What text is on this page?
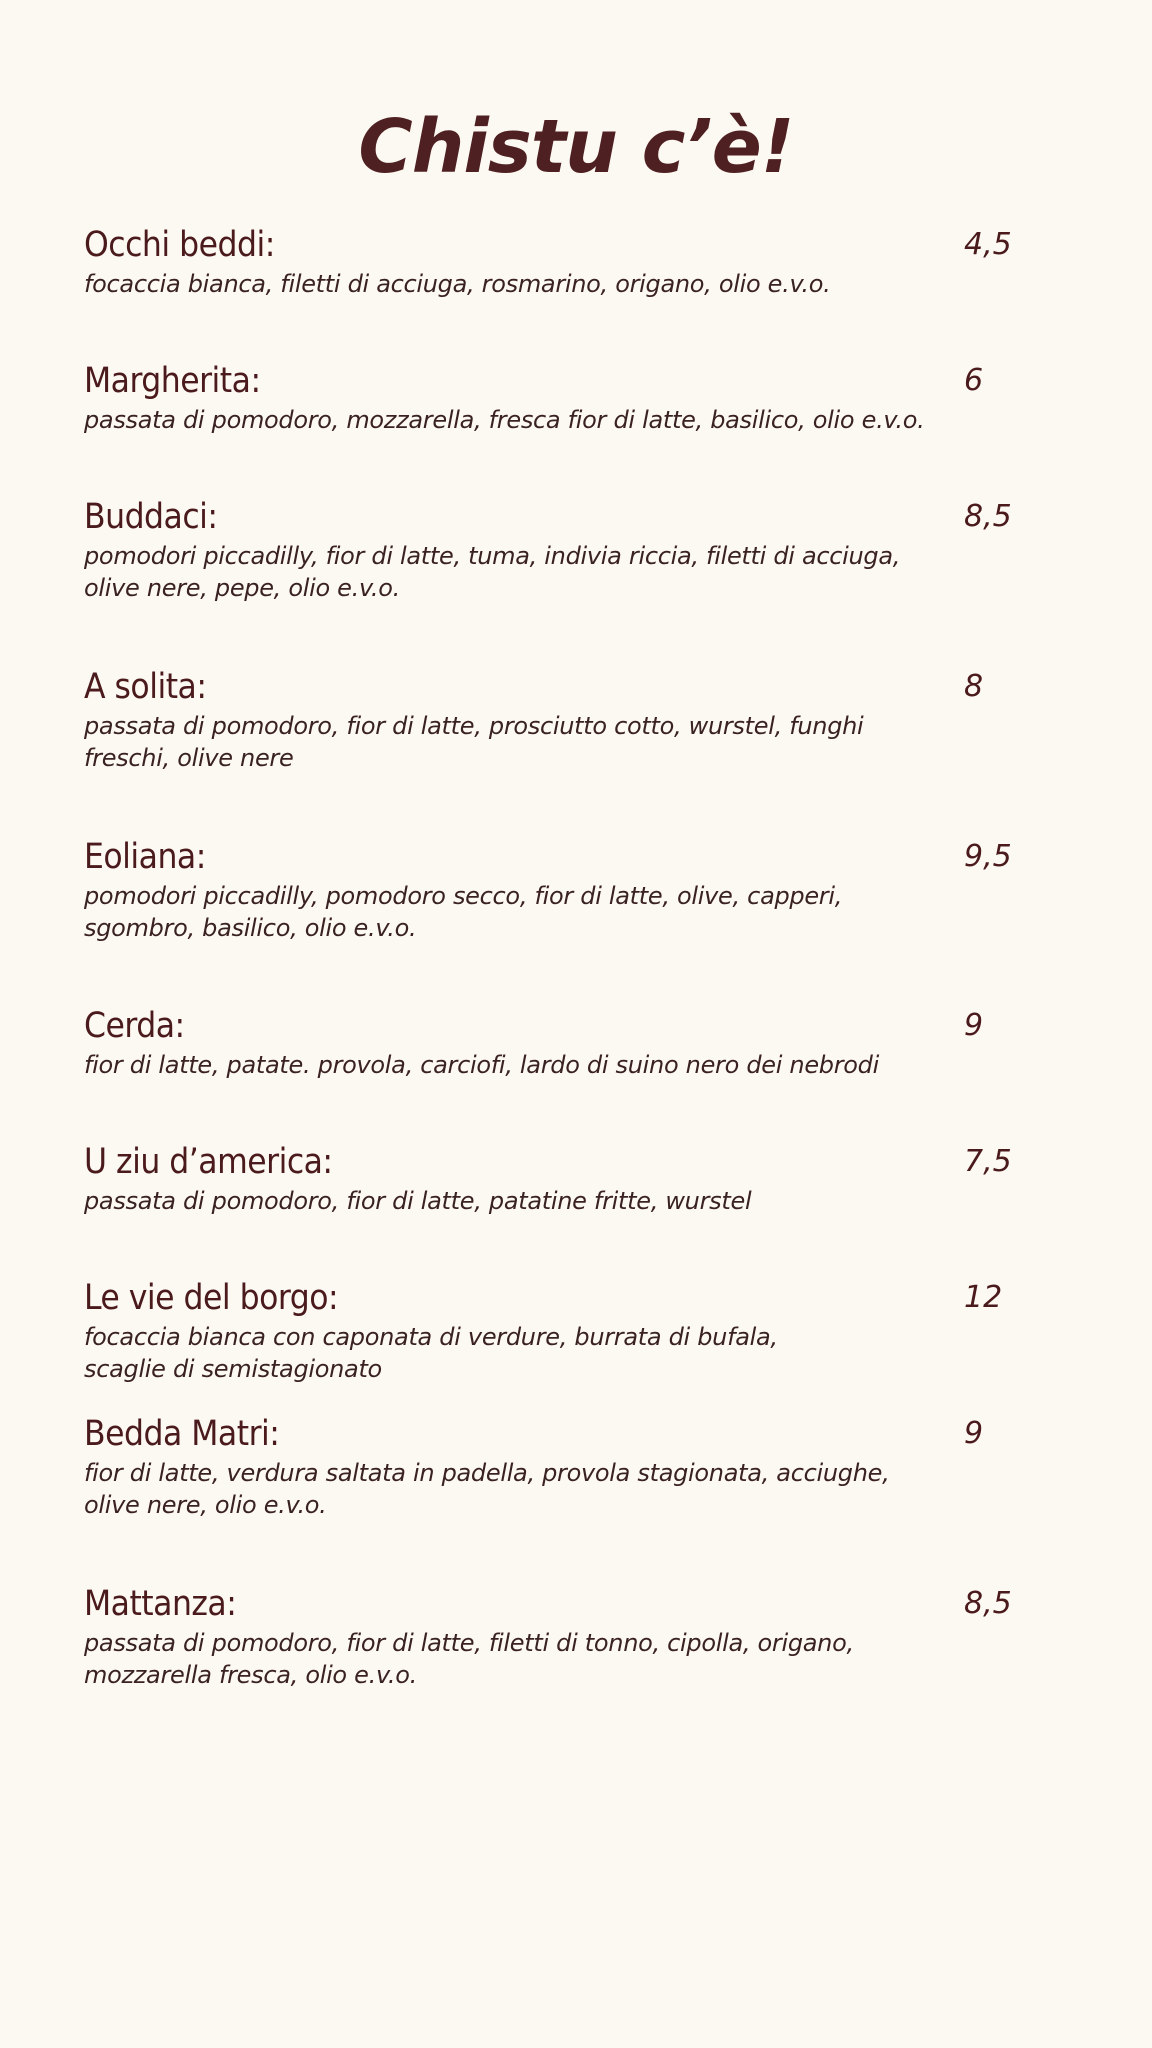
Chistu c’è!
Occhi beddi:	4,5
focaccia bianca, filetti di acciuga, rosmarino, origano, olio e.v.o.
Margherita:	6
passata di pomodoro, mozzarella, fresca fior di latte, basilico, olio e.v.o.
Buddaci:	8,5
pomodori piccadilly, fior di latte, tuma, indivia riccia, filetti di acciuga, olive nere, pepe, olio e.v.o.
A solita:	8
passata di pomodoro, fior di latte, prosciutto cotto, wurstel, funghi freschi, olive nere
Eoliana:	9,5
pomodori piccadilly, pomodoro secco, fior di latte, olive, capperi, sgombro, basilico, olio e.v.o.
Cerda:	9
fior di latte, patate. provola, carciofi, lardo di suino nero dei nebrodi
U ziu d’america:	7,5
passata di pomodoro, fior di latte, patatine fritte, wurstel
Le vie del borgo:	12
focaccia bianca con caponata di verdure, burrata di bufala, scaglie di semistagionato
Bedda Matri:	9
fior di latte, verdura saltata in padella, provola stagionata, acciughe, olive nere, olio e.v.o.
Mattanza:	8,5
passata di pomodoro, fior di latte, filetti di tonno, cipolla, origano, mozzarella fresca, olio e.v.o.
